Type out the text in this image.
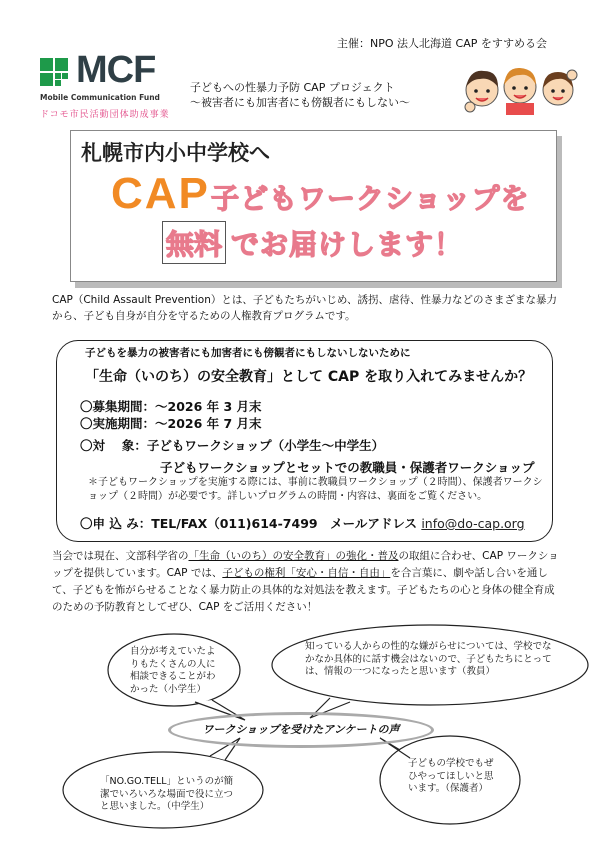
主催：NPO 法人北海道 CAP をすすめる会
MCF
Mobile Communication Fund
ドコモ市民活動団体助成事業
子どもへの性暴力予防 CAP プロジェクト
～被害者にも加害者にも傍観者にもしない～
札幌市内小中学校へ
CAP 子どもワークショップを
無料 でお届けします！
CAP（Child Assault Prevention）とは、子どもたちがいじめ、誘拐、虐待、性暴力などのさまざまな暴力から、子ども自身が自分を守るための人権教育プログラムです。
子どもを暴力の被害者にも加害者にも傍観者にもしないしないために
「生命（いのち）の安全教育」として CAP を取り入れてみませんか？
〇募集期間：～2026 年 3 月末
〇実施期間：～2026 年 7 月末
〇対　 象：子どもワークショップ（小学生～中学生）
子どもワークショップとセットでの教職員・保護者ワークショップ
＊子どもワークショップを実施する際には、事前に教職員ワークショップ（２時間）、保護者ワークショップ（２時間）が必要です。詳しいプログラムの時間・内容は、裏面をご覧ください。
〇申 込 み：TEL/FAX（011)614-7499　メールアドレス info@do-cap.org
当会では現在、文部科学省の「生命（いのち）の安全教育」の強化・普及の取組に合わせ、CAP ワークショップを提供しています。CAP では、子どもの権利「安心・自信・自由」を合言葉に、劇や話し合いを通して、子どもを怖がらせることなく暴力防止の具体的な対処法を教えます。子どもたちの心と身体の健全育成のための予防教育としてぜひ、CAP をご活用ください！
自分が考えていたよりもたくさんの人に相談できることがわかった（小学生）
知っている人からの性的な嫌がらせについては、学校でなかなか具体的に話す機会はないので、子どもたちにとっては、情報の一つになったと思います（教員）
ワークショップを受けたアンケートの声
「NO.GO.TELL」というのが簡潔でいろいろな場面で役に立つと思いました。（中学生）
子どもの学校でもぜひやってほしいと思います。（保護者）
